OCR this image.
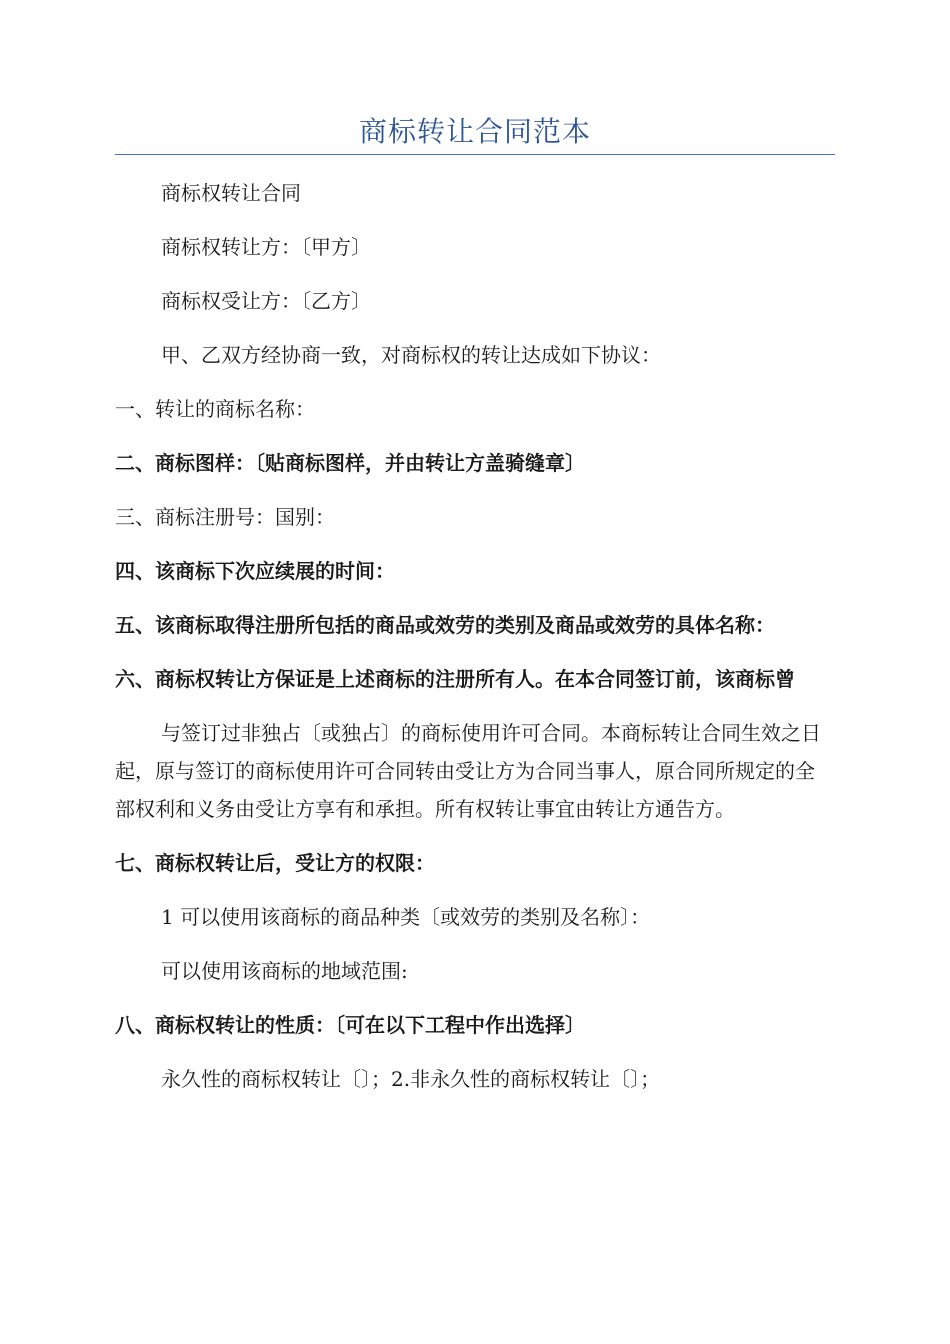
商标转让合同范本

商标权转让合同

商标权转让方：〔甲方〕

商标权受让方：〔乙方〕

甲、乙双方经协商一致，对商标权的转让达成如下协议：

一、转让的商标名称：

二、商标图样：〔贴商标图样，并由转让方盖骑缝章〕

三、商标注册号：国别：

四、该商标下次应续展的时间：

五、该商标取得注册所包括的商品或效劳的类别及商品或效劳的具体名称：

六、商标权转让方保证是上述商标的注册所有人。在本合同签订前，该商标曾

与签订过非独占〔或独占〕的商标使用许可合同。本商标转让合同生效之日起，原与签订的商标使用许可合同转由受让方为合同当事人，原合同所规定的全部权利和义务由受让方享有和承担。所有权转让事宜由转让方通告方。

七、商标权转让后，受让方的权限：

1 可以使用该商标的商品种类〔或效劳的类别及名称〕：

可以使用该商标的地域范围:

八、商标权转让的性质：〔可在以下工程中作出选择〕

永久性的商标权转让〔〕；2.非永久性的商标权转让〔〕；
